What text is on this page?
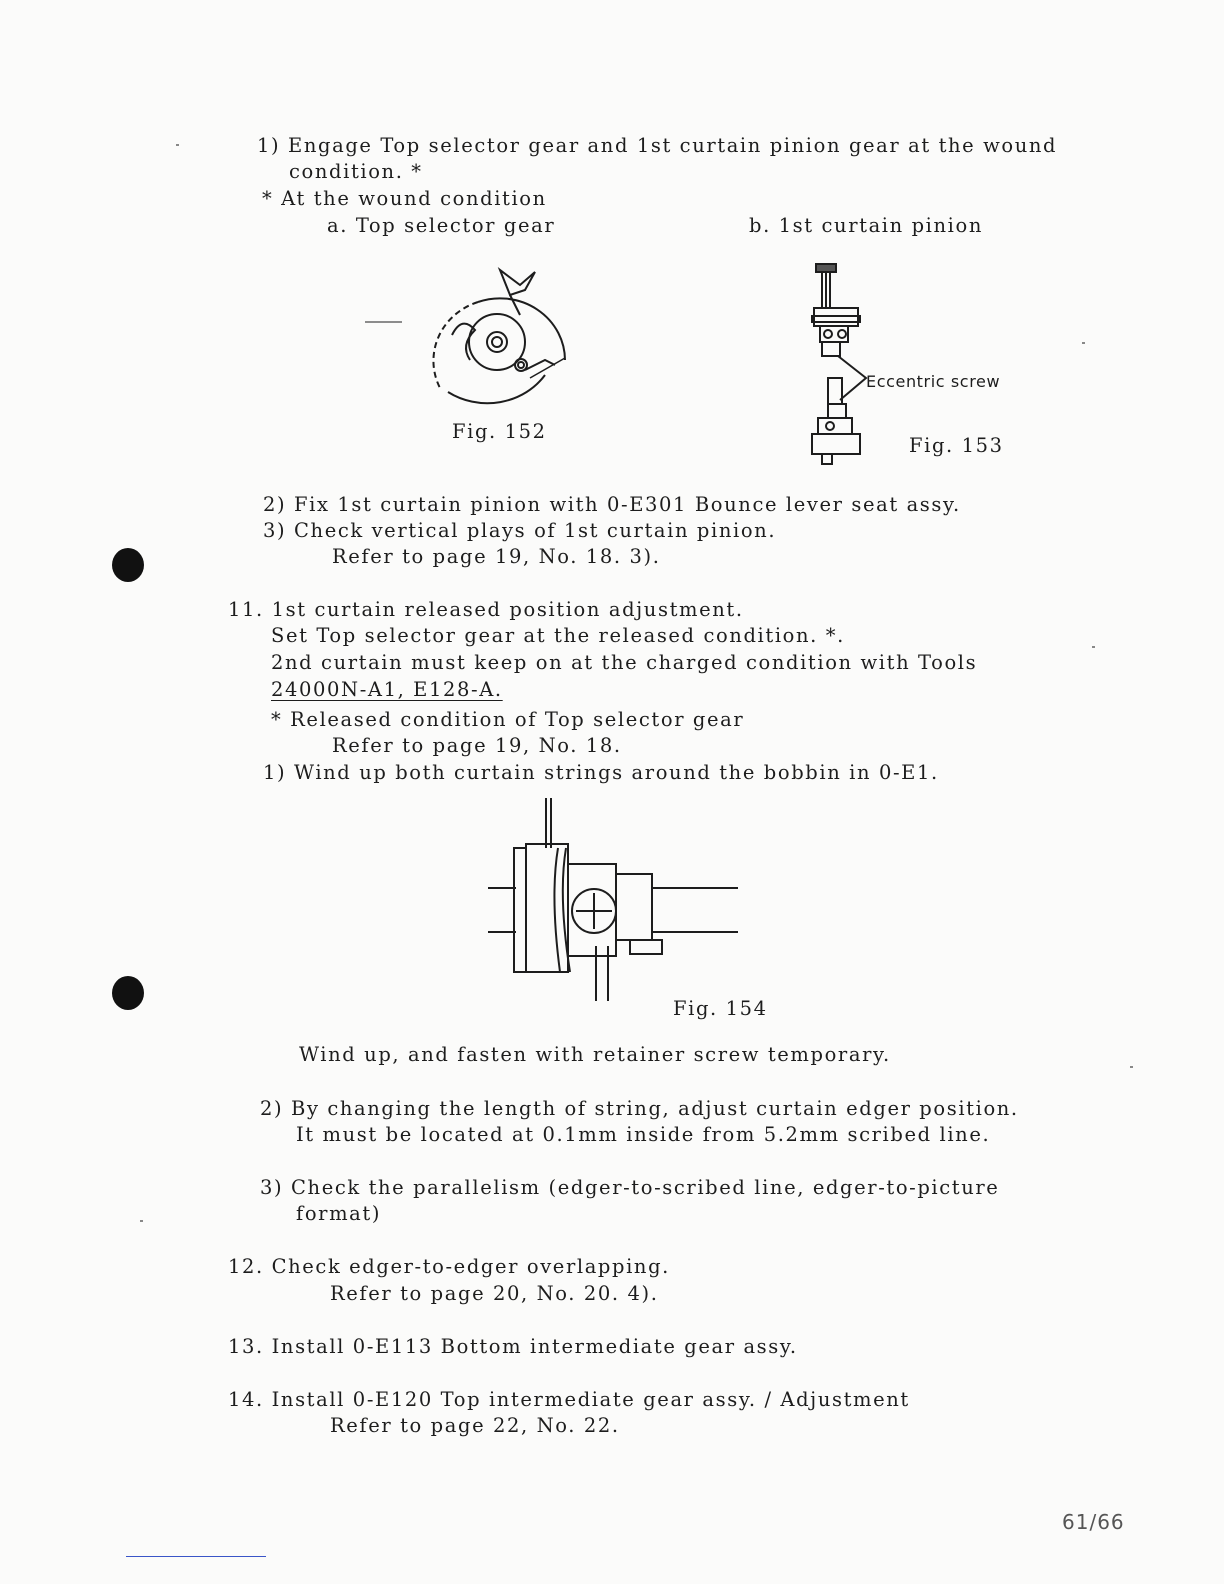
1) Engage Top selector gear and 1st curtain pinion gear at the wound
condition. *
* At the wound condition
a. Top selector gear	b. 1st curtain pinion
Fig. 152
Eccentric screw
Fig. 153
2) Fix 1st curtain pinion with 0-E301 Bounce lever seat assy.
3) Check vertical plays of 1st curtain pinion.
Refer to page 19, No. 18. 3).
11. 1st curtain released position adjustment.
Set Top selector gear at the released condition. *.
2nd curtain must keep on at the charged condition with Tools
24000N-A1, E128-A.
* Released condition of Top selector gear
Refer to page 19, No. 18.
1) Wind up both curtain strings around the bobbin in 0-E1.
Fig. 154
Wind up, and fasten with retainer screw temporary.
2) By changing the length of string, adjust curtain edger position.
It must be located at 0.1mm inside from 5.2mm scribed line.
3) Check the parallelism (edger-to-scribed line, edger-to-picture
format)
12. Check edger-to-edger overlapping.
Refer to page 20, No. 20. 4).
13. Install 0-E113 Bottom intermediate gear assy.
14. Install 0-E120 Top intermediate gear assy. / Adjustment
Refer to page 22, No. 22.
61/66
